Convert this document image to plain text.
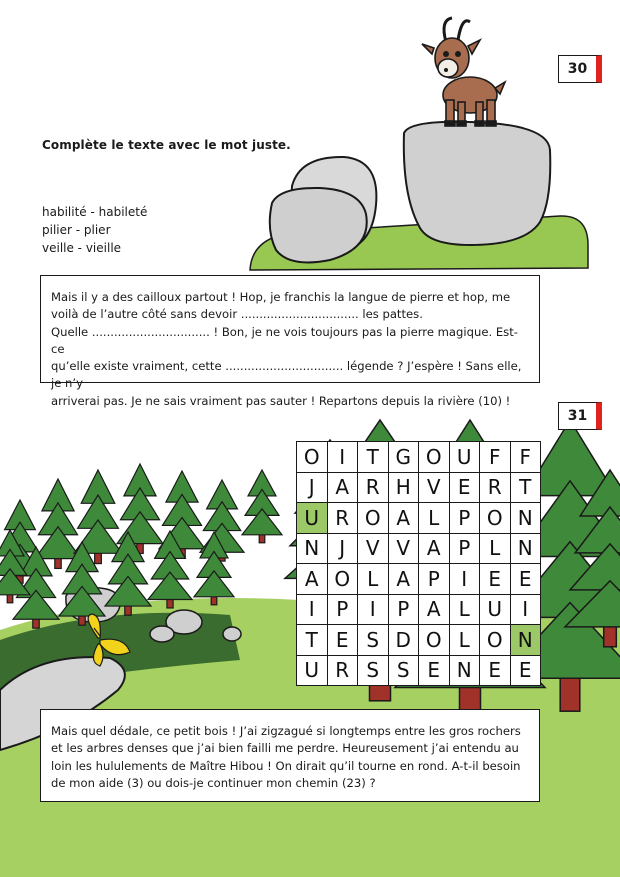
30
Complète le texte avec le mot juste.
habilité - habileté
pilier - plier
veille - vieille

Mais il y a des cailloux partout ! Hop, je franchis la langue de pierre et hop, me
voilà de l’autre côté sans devoir ................................ les pattes.
Quelle ................................ ! Bon, je ne vois toujours pas la pierre magique. Est-ce
qu’elle existe vraiment, cette ................................ légende ? J’espère ! Sans elle, je n’y
arriverai pas. Je ne sais vraiment pas sauter ! Repartons depuis la rivière (10) !

31
O I	T G O U F F
J	A R H V E R T
U R O A L P O N
N	J	V V A P L N
A O L A P	I	E E
I	P	I	P A L U	I
T E S D O L O N
U R S S E N E E

Mais quel dédale, ce petit bois ! J’ai zigzagué si longtemps entre les gros rochers
et les arbres denses que j’ai bien failli me perdre. Heureusement j’ai entendu au
loin les hululements de Maître Hibou ! On dirait qu’il tourne en rond. A-t-il besoin
de mon aide (3) ou dois-je continuer mon chemin (23) ?
